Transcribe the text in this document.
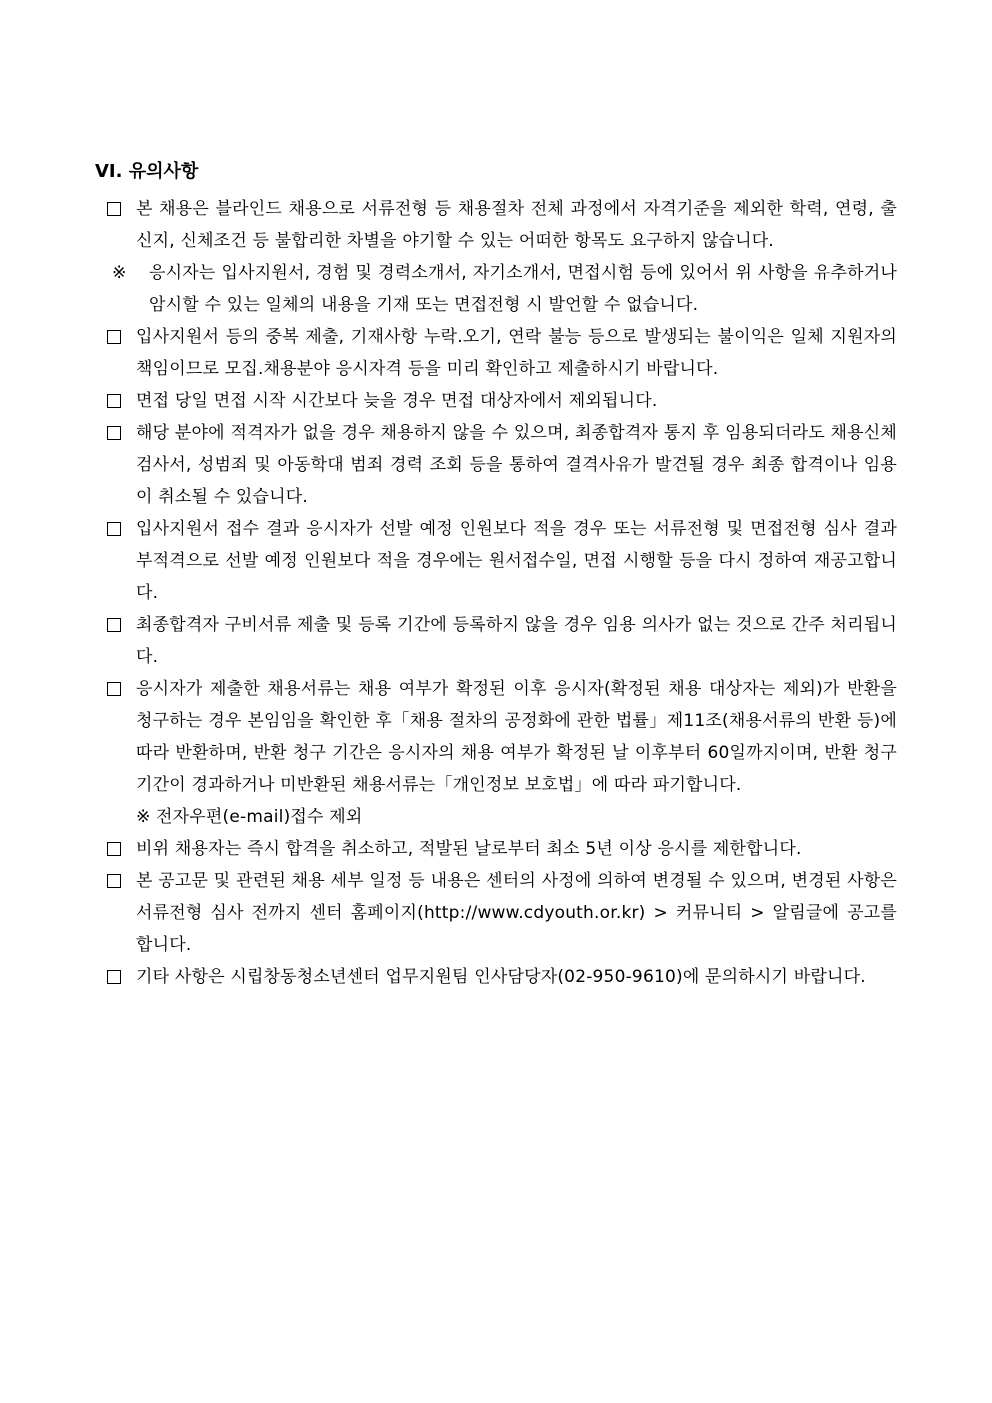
VI. 유의사항
본 채용은 블라인드 채용으로 서류전형 등 채용절차 전체 과정에서 자격기준을 제외한 학력, 연령, 출신지, 신체조건 등 불합리한 차별을 야기할 수 있는 어떠한 항목도 요구하지 않습니다.
※	응시자는 입사지원서, 경험 및 경력소개서, 자기소개서, 면접시험 등에 있어서 위 사항을 유추하거나 암시할 수 있는 일체의 내용을 기재 또는 면접전형 시 발언할 수 없습니다.
입사지원서 등의 중복 제출, 기재사항 누락.오기, 연락 불능 등으로 발생되는 불이익은 일체 지원자의 책임이므로 모집.채용분야 응시자격 등을 미리 확인하고 제출하시기 바랍니다.
면접 당일 면접 시작 시간보다 늦을 경우 면접 대상자에서 제외됩니다.
해당 분야에 적격자가 없을 경우 채용하지 않을 수 있으며, 최종합격자 통지 후 임용되더라도 채용신체검사서, 성범죄 및 아동학대 범죄 경력 조회 등을 통하여 결격사유가 발견될 경우 최종 합격이나 임용이 취소될 수 있습니다.
입사지원서 접수 결과 응시자가 선발 예정 인원보다 적을 경우 또는 서류전형 및 면접전형 심사 결과 부적격으로 선발 예정 인원보다 적을 경우에는 원서접수일, 면접 시행할 등을 다시 정하여 재공고합니다.
최종합격자 구비서류 제출 및 등록 기간에 등록하지 않을 경우 임용 의사가 없는 것으로 간주 처리됩니다.
응시자가 제출한 채용서류는 채용 여부가 확정된 이후 응시자(확정된 채용 대상자는 제외)가 반환을 청구하는 경우 본임임을 확인한 후「채용 절차의 공정화에 관한 법률」제11조(채용서류의 반환 등)에 따라 반환하며, 반환 청구 기간은 응시자의 채용 여부가 확정된 날 이후부터 60일까지이며, 반환 청구 기간이 경과하거나 미반환된 채용서류는「개인정보 보호법」에 따라 파기합니다.
※ 전자우편(e-mail)접수 제외
비위 채용자는 즉시 합격을 취소하고, 적발된 날로부터 최소 5년 이상 응시를 제한합니다.
본 공고문 및 관련된 채용 세부 일정 등 내용은 센터의 사정에 의하여 변경될 수 있으며, 변경된 사항은 서류전형 심사 전까지 센터 홈페이지(http://www.cdyouth.or.kr) > 커뮤니티 > 알림글에 공고를 합니다.
기타 사항은 시립창동청소년센터 업무지원팀 인사담당자(02-950-9610)에 문의하시기 바랍니다.
